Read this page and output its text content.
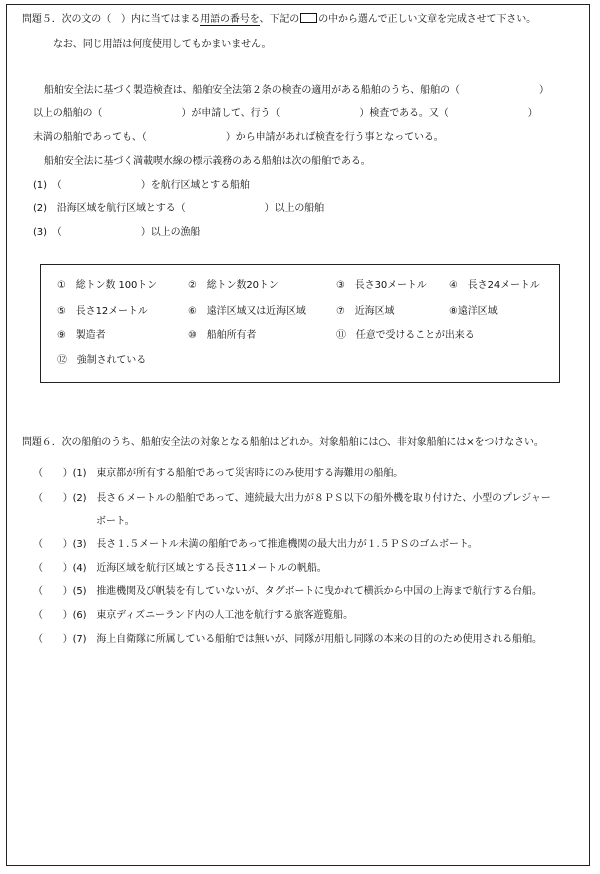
問題５．次の文の（　）内に当てはまる用語の番号を、下記の の中から選んで正しい文章を完成させて下さい。
なお、同じ用語は何度使用してもかまいません。
船舶安全法に基づく製造検査は、船舶安全法第２条の検査の適用がある船舶のうち、船舶の（　　　　　　　　）
以上の船舶の（　　　　　　　　）が申請して、行う（　　　　　　　　）検査である。又（　　　　　　　　）
未満の船舶であっても、（　　　　　　　　）から申請があれば検査を行う事となっている。
船舶安全法に基づく満載喫水線の標示義務のある船舶は次の船舶である。
(1)　（　　　　　　　　）を航行区域とする船舶
(2)　沿海区域を航行区域とする（　　　　　　　　）以上の船舶
(3)　（　　　　　　　　）以上の漁船
①　総トン数 100トン	②　総トン数20トン	③　長さ30メートル ④　長さ24メートル
⑤　長さ12メートル	⑥　遠洋区域又は近海区域	⑦　近海区域	⑧遠洋区域
⑨　製造者	⑩　船舶所有者	⑪　任意で受けることが出来る
⑫　強制されている
問題６．次の船舶のうち、船舶安全法の対象となる船舶はどれか。対象船舶には○、非対象船舶には×をつけなさい。
（　　）(1)　東京都が所有する船舶であって災害時にのみ使用する海難用の船舶。
（　　）(2)　長さ６メートルの船舶であって、連続最大出力が８ＰＳ以下の船外機を取り付けた、小型のプレジャー
ボート。
（　　）(3)　長さ１.５メートル未満の船舶であって推進機関の最大出力が１.５ＰＳのゴムボート。
（　　）(4)　近海区域を航行区域とする長さ11メートルの帆船。
（　　）(5)　推進機関及び帆装を有していないが、タグボートに曳かれて横浜から中国の上海まで航行する台船。
（　　）(6)　東京ディズニーランド内の人工池を航行する旅客遊覧船。
（　　）(7)　海上自衛隊に所属している船舶では無いが、同隊が用船し同隊の本来の目的のため使用される船舶。
